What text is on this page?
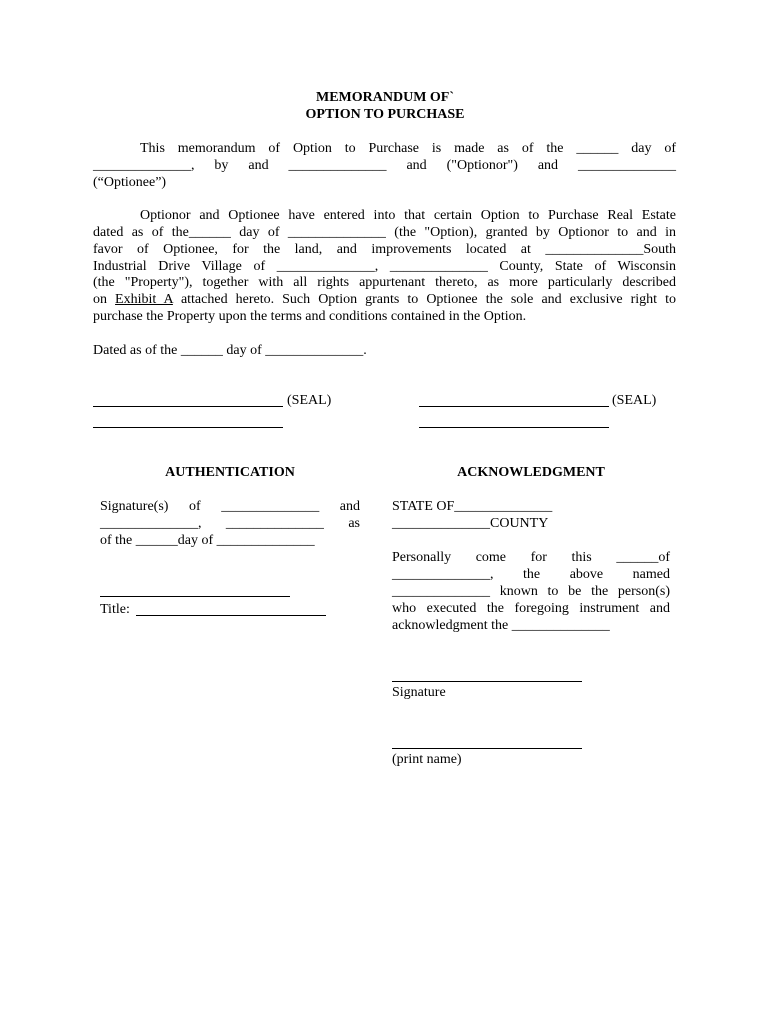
MEMORANDUM OF`
OPTION TO PURCHASE
This memorandum of Option to Purchase is made as of the ______ day of
______________, by and ______________ and ("Optionor") and ______________
(“Optionee”)
Optionor and Optionee have entered into that certain Option to Purchase Real Estate
dated as of the______ day of ______________ (the "Option), granted by Optionor to and in
favor of Optionee, for the land, and improvements located at ______________South
Industrial Drive Village of ______________, ______________ County, State of Wisconsin
(the "Property"), together with all rights appurtenant thereto, as more particularly described
on Exhibit A attached hereto. Such Option grants to Optionee the sole and exclusive right to
purchase the Property upon the terms and conditions contained in the Option.
Dated as of the ______ day of ______________.
(SEAL)	(SEAL)
AUTHENTICATION
Signature(s) of ______________ and
______________, ______________ as
of the ______day of ______________
Title:
ACKNOWLEDGMENT
STATE OF______________
______________COUNTY
Personally come for this ______of
______________, the above named
______________ known to be the person(s)
who executed the foregoing instrument and
acknowledgment the ______________
Signature
(print name)
